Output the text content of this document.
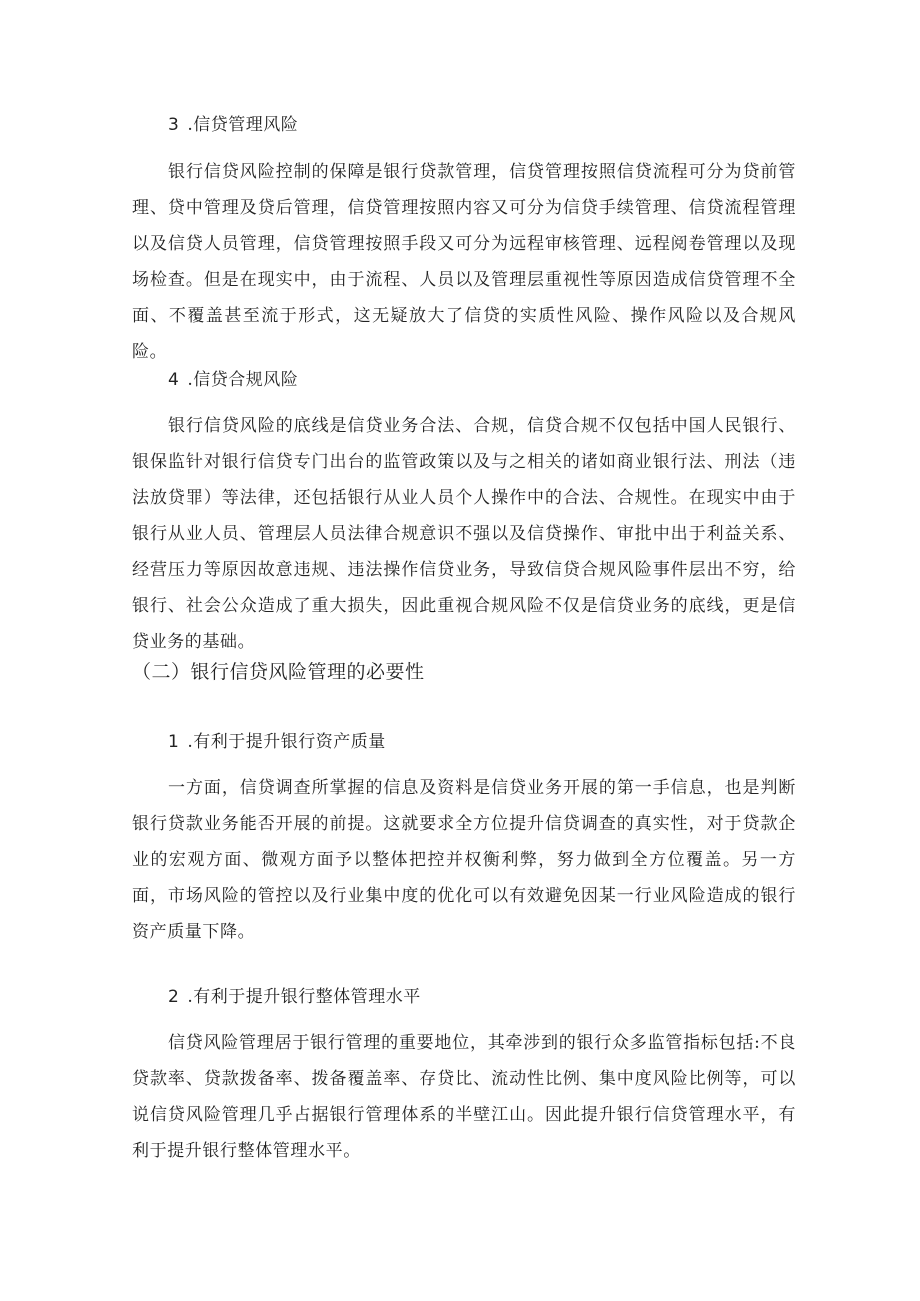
3 .信贷管理风险

银行信贷风险控制的保障是银行贷款管理，信贷管理按照信贷流程可分为贷前管理、贷中管理及贷后管理，信贷管理按照内容又可分为信贷手续管理、信贷流程管理以及信贷人员管理，信贷管理按照手段又可分为远程审核管理、远程阅卷管理以及现场检查。但是在现实中，由于流程、人员以及管理层重视性等原因造成信贷管理不全面、不覆盖甚至流于形式，这无疑放大了信贷的实质性风险、操作风险以及合规风险。

4 .信贷合规风险

银行信贷风险的底线是信贷业务合法、合规，信贷合规不仅包括中国人民银行、银保监针对银行信贷专门出台的监管政策以及与之相关的诸如商业银行法、刑法（违法放贷罪）等法律，还包括银行从业人员个人操作中的合法、合规性。在现实中由于银行从业人员、管理层人员法律合规意识不强以及信贷操作、审批中出于利益关系、经营压力等原因故意违规、违法操作信贷业务，导致信贷合规风险事件层出不穷，给银行、社会公众造成了重大损失，因此重视合规风险不仅是信贷业务的底线，更是信贷业务的基础。

（二）银行信贷风险管理的必要性
1 .有利于提升银行资产质量

一方面，信贷调查所掌握的信息及资料是信贷业务开展的第一手信息，也是判断银行贷款业务能否开展的前提。这就要求全方位提升信贷调查的真实性，对于贷款企业的宏观方面、微观方面予以整体把控并权衡利弊，努力做到全方位覆盖。另一方面，市场风险的管控以及行业集中度的优化可以有效避免因某一行业风险造成的银行资产质量下降。

2 .有利于提升银行整体管理水平

信贷风险管理居于银行管理的重要地位，其牵涉到的银行众多监管指标包括:不良贷款率、贷款拨备率、拨备覆盖率、存贷比、流动性比例、集中度风险比例等，可以说信贷风险管理几乎占据银行管理体系的半壁江山。因此提升银行信贷管理水平，有利于提升银行整体管理水平。
